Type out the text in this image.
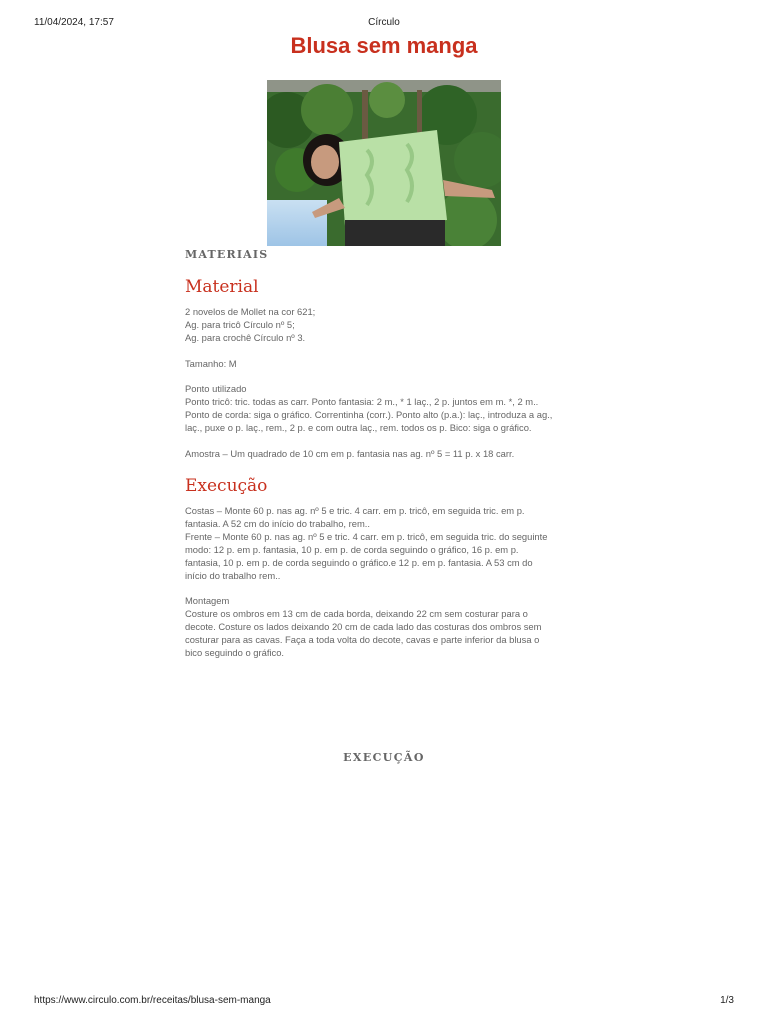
11/04/2024, 17:57	Círculo
Blusa sem manga
MATERIAIS
Material

2 novelos de Mollet na cor 621;
Ag. para tricô Círculo nº 5;
Ag. para crochê Círculo nº 3.
Tamanho: M
Ponto utilizado
Ponto tricô: tric. todas as carr. Ponto fantasia: 2 m., * 1 laç., 2 p. juntos em m. *, 2 m..
Ponto de corda: siga o gráfico. Correntinha (corr.). Ponto alto (p.a.): laç., introduza a ag.,
laç., puxe o p. laç., rem., 2 p. e com outra laç., rem. todos os p. Bico: siga o gráfico.
Amostra – Um quadrado de 10 cm em p. fantasia nas ag. nº 5 = 11 p. x 18 carr.

Execução

Costas – Monte 60 p. nas ag. nº 5 e tric. 4 carr. em p. tricô, em seguida tric. em p.
fantasia. A 52 cm do início do trabalho, rem..
Frente – Monte 60 p. nas ag. nº 5 e tric. 4 carr. em p. tricô, em seguida tric. do seguinte
modo: 12 p. em p. fantasia, 10 p. em p. de corda seguindo o gráfico, 16 p. em p.
fantasia, 10 p. em p. de corda seguindo o gráfico.e 12 p. em p. fantasia. A 53 cm do
início do trabalho rem..
Montagem
Costure os ombros em 13 cm de cada borda, deixando 22 cm sem costurar para o
decote. Costure os lados deixando 20 cm de cada lado das costuras dos ombros sem
costurar para as cavas. Faça a toda volta do decote, cavas e parte inferior da blusa o
bico seguindo o gráfico.

EXECUÇÃO
https://www.circulo.com.br/receitas/blusa-sem-manga	1/3
